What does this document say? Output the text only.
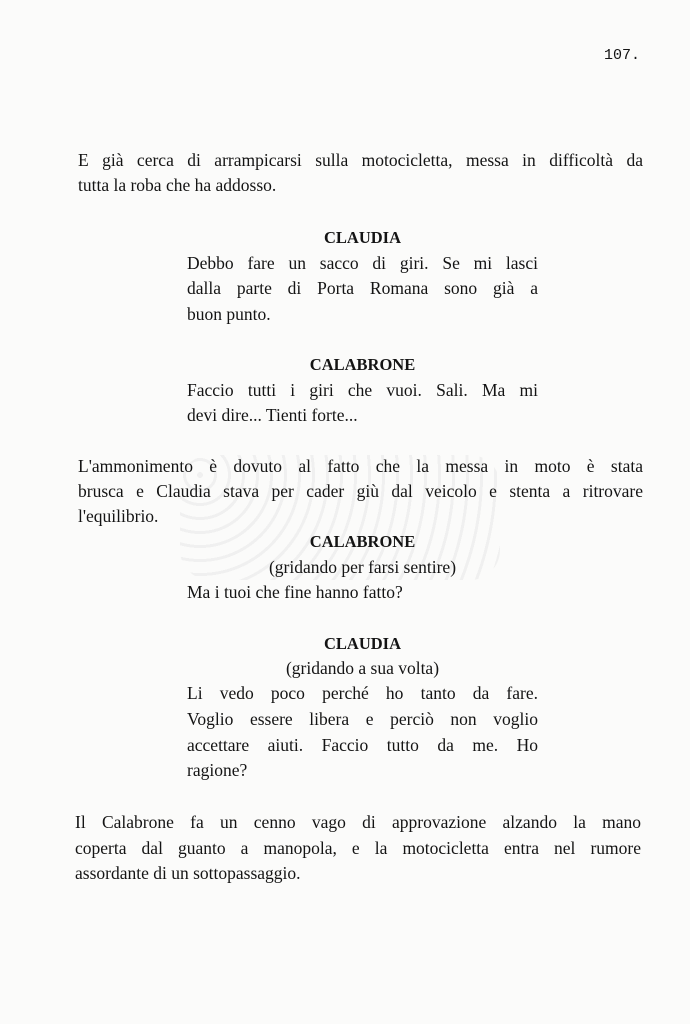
107.
E già cerca di arrampicarsi sulla motocicletta, messa in difficoltà da
tutta la roba che ha addosso.
CLAUDIA
Debbo fare un sacco di giri. Se mi lasci
dalla parte di Porta Romana sono già a
buon punto.
CALABRONE
Faccio tutti i giri che vuoi. Sali. Ma mi
devi dire... Tienti forte...
L'ammonimento è dovuto al fatto che la messa in moto è stata
brusca e Claudia stava per cader giù dal veicolo e stenta a ritrovare
l'equilibrio.
CALABRONE
(gridando per farsi sentire)
Ma i tuoi che fine hanno fatto?
CLAUDIA
(gridando a sua volta)
Li vedo poco perché ho tanto da fare.
Voglio essere libera e perciò non voglio
accettare aiuti. Faccio tutto da me. Ho
ragione?
Il Calabrone fa un cenno vago di approvazione alzando la mano
coperta dal guanto a manopola, e la motocicletta entra nel rumore
assordante di un sottopassaggio.
